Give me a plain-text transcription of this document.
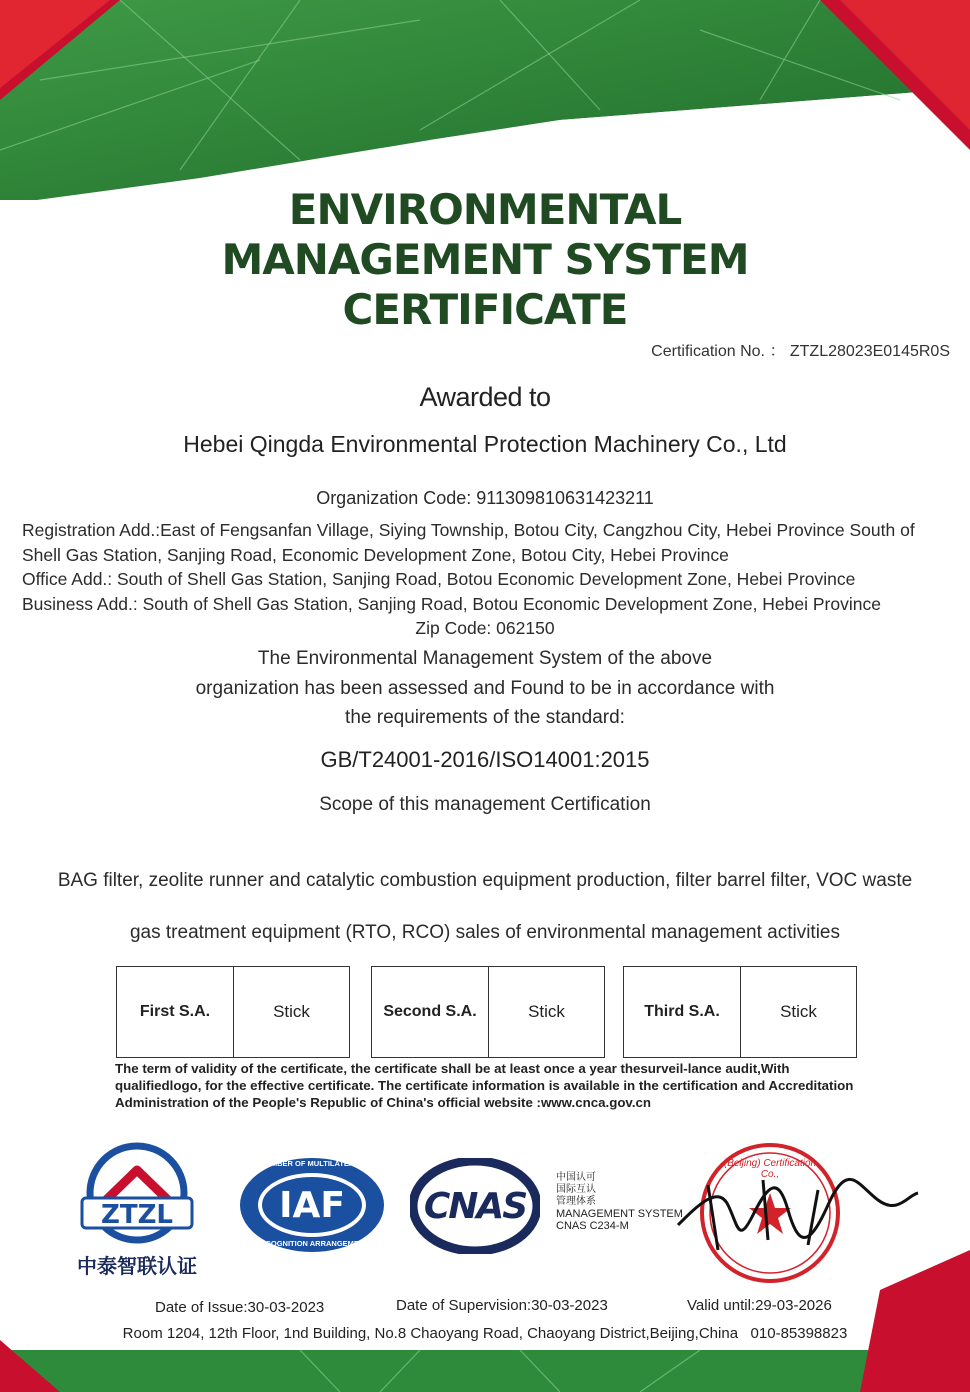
ENVIRONMENTAL
MANAGEMENT SYSTEM
CERTIFICATE
Certification No. ： ZTZL28023E0145R0S
Awarded to
Hebei Qingda Environmental Protection Machinery Co., Ltd
Organization Code: 911309810631423211
Registration Add.:East of Fengsanfan Village, Siying Township, Botou City, Cangzhou City, Hebei Province South of Shell Gas Station, Sanjing Road, Economic Development Zone, Botou City, Hebei Province
Office Add.: South of Shell Gas Station, Sanjing Road, Botou Economic Development Zone, Hebei Province
Business Add.: South of Shell Gas Station, Sanjing Road, Botou Economic Development Zone, Hebei Province
Zip Code: 062150
The Environmental Management System of the above
organization has been assessed and Found to be in accordance with
the requirements of the standard:
GB/T24001-2016/ISO14001:2015
Scope of this management Certification
BAG filter, zeolite runner and catalytic combustion equipment production, filter barrel filter, VOC waste
gas treatment equipment (RTO, RCO) sales of environmental management activities
First S.A.	Stick	Second S.A.	Stick	Third S.A.	Stick
The term of validity of the certificate, the certificate shall be at least once a year thesurveil-lance audit,With qualifiedlogo, for the effective certificate. The certificate information is available in the certification and Accreditation Administration of the People's Republic of China's official website :www.cnca.gov.cn
ZTZL
中泰智联认证
MEMBER OF MULTILATERAL
IAF
RECOGNITION ARRANGEMENT
CNAS
中国认可
国际互认
管理体系
MANAGEMENT SYSTEM
CNAS C234-M
(Beijing) Certification Co.,
Date of Issue:30-03-2023	Date of Supervision:30-03-2023	Valid until:29-03-2026
Room 1204, 12th Floor, 1nd Building, No.8 Chaoyang Road, Chaoyang District,Beijing,China   010-85398823
